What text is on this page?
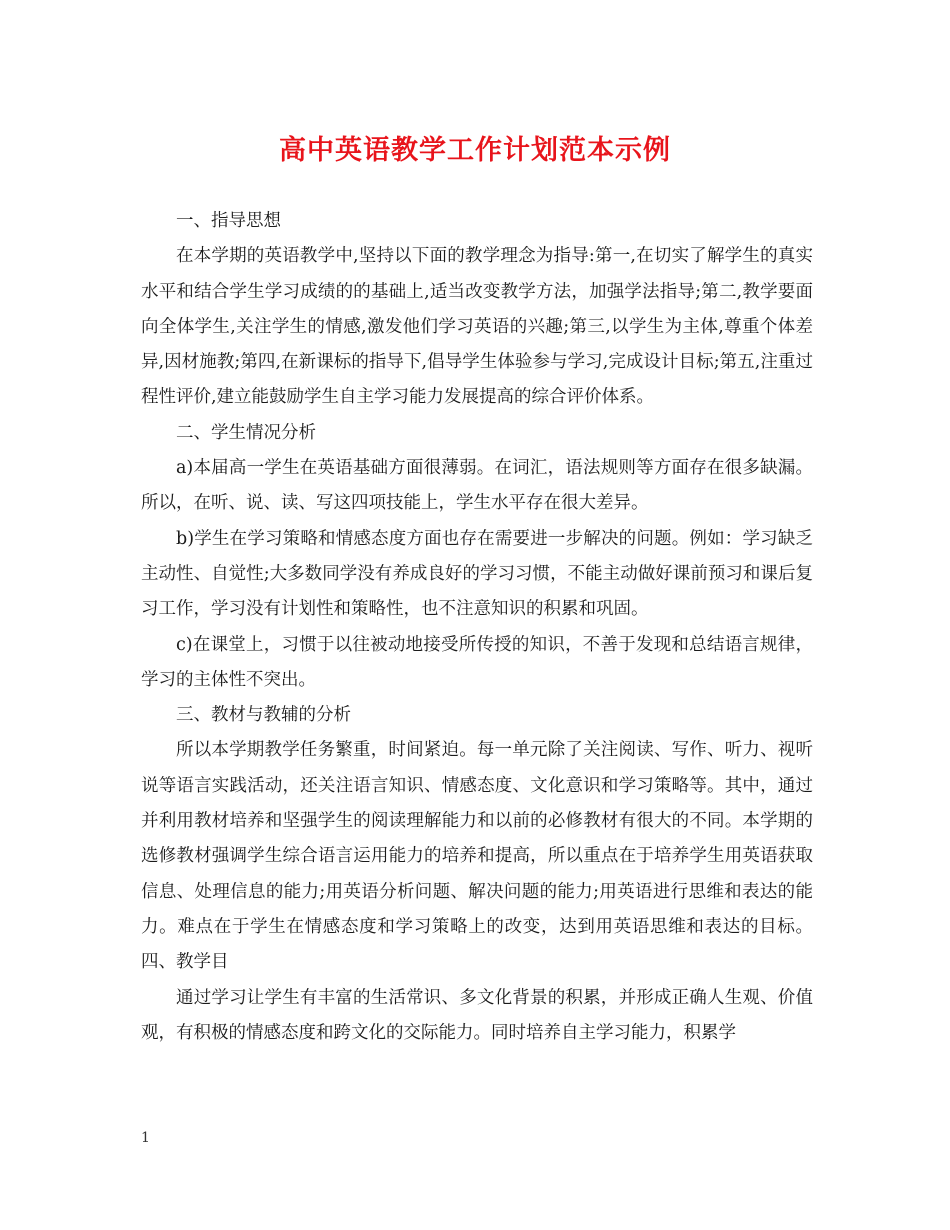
高中英语教学工作计划范本示例

一、指导思想

在本学期的英语教学中,坚持以下面的教学理念为指导:第一,在切实了解学生的真实水平和结合学生学习成绩的的基础上,适当改变教学方法，加强学法指导;第二,教学要面向全体学生,关注学生的情感,激发他们学习英语的兴趣;第三,以学生为主体,尊重个体差异,因材施教;第四,在新课标的指导下,倡导学生体验参与学习,完成设计目标;第五,注重过程性评价,建立能鼓励学生自主学习能力发展提高的综合评价体系。

二、学生情况分析

a)本届高一学生在英语基础方面很薄弱。在词汇，语法规则等方面存在很多缺漏。所以，在听、说、读、写这四项技能上，学生水平存在很大差异。

b)学生在学习策略和情感态度方面也存在需要进一步解决的问题。例如：学习缺乏主动性、自觉性;大多数同学没有养成良好的学习习惯，不能主动做好课前预习和课后复习工作，学习没有计划性和策略性，也不注意知识的积累和巩固。

c)在课堂上，习惯于以往被动地接受所传授的知识，不善于发现和总结语言规律，学习的主体性不突出。

三、教材与教辅的分析

所以本学期教学任务繁重，时间紧迫。每一单元除了关注阅读、写作、听力、视听说等语言实践活动，还关注语言知识、情感态度、文化意识和学习策略等。其中，通过并利用教材培养和坚强学生的阅读理解能力和以前的必修教材有很大的不同。本学期的选修教材强调学生综合语言运用能力的培养和提高，所以重点在于培养学生用英语获取信息、处理信息的能力;用英语分析问题、解决问题的能力;用英语进行思维和表达的能力。难点在于学生在情感态度和学习策略上的改变，达到用英语思维和表达的目标。四、教学目

通过学习让学生有丰富的生活常识、多文化背景的积累，并形成正确人生观、价值观，有积极的情感态度和跨文化的交际能力。同时培养自主学习能力，积累学

1
